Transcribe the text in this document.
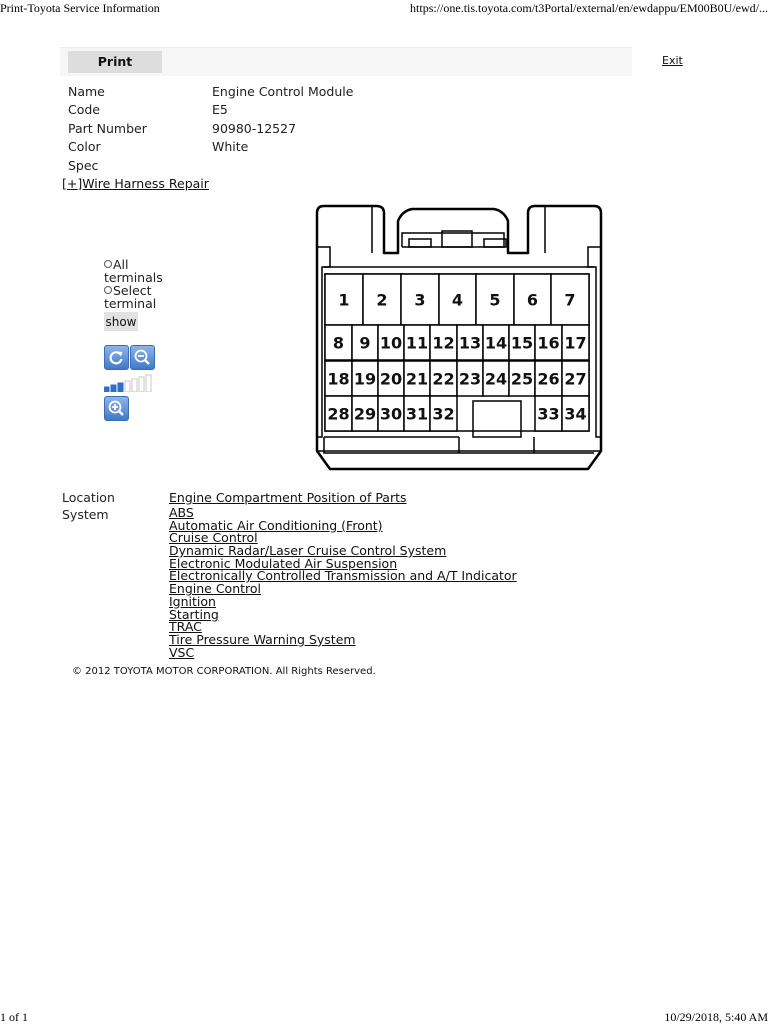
Print-Toyota Service Information	https://one.tis.toyota.com/t3Portal/external/en/ewdappu/EM00B0U/ewd/...
Print	Exit
Name	Engine Control Module
Code	E5
Part Number	90980-12527
Color	White
Spec
[+]Wire Harness Repair
All terminals
Select terminal
show
1 2 3 4 5 6 7
8 9 10 11 12 13 14 15 16 17
18 19 20 21 22 23 24 25 26 27
28 29 30 31 32	33 34
Location	Engine Compartment Position of Parts
System	ABS
Automatic Air Conditioning (Front)
Cruise Control
Dynamic Radar/Laser Cruise Control System
Electronic Modulated Air Suspension
Electronically Controlled Transmission and A/T Indicator
Engine Control
Ignition
Starting
TRAC
Tire Pressure Warning System
VSC
© 2012 TOYOTA MOTOR CORPORATION. All Rights Reserved.
1 of 1	10/29/2018, 5:40 AM
